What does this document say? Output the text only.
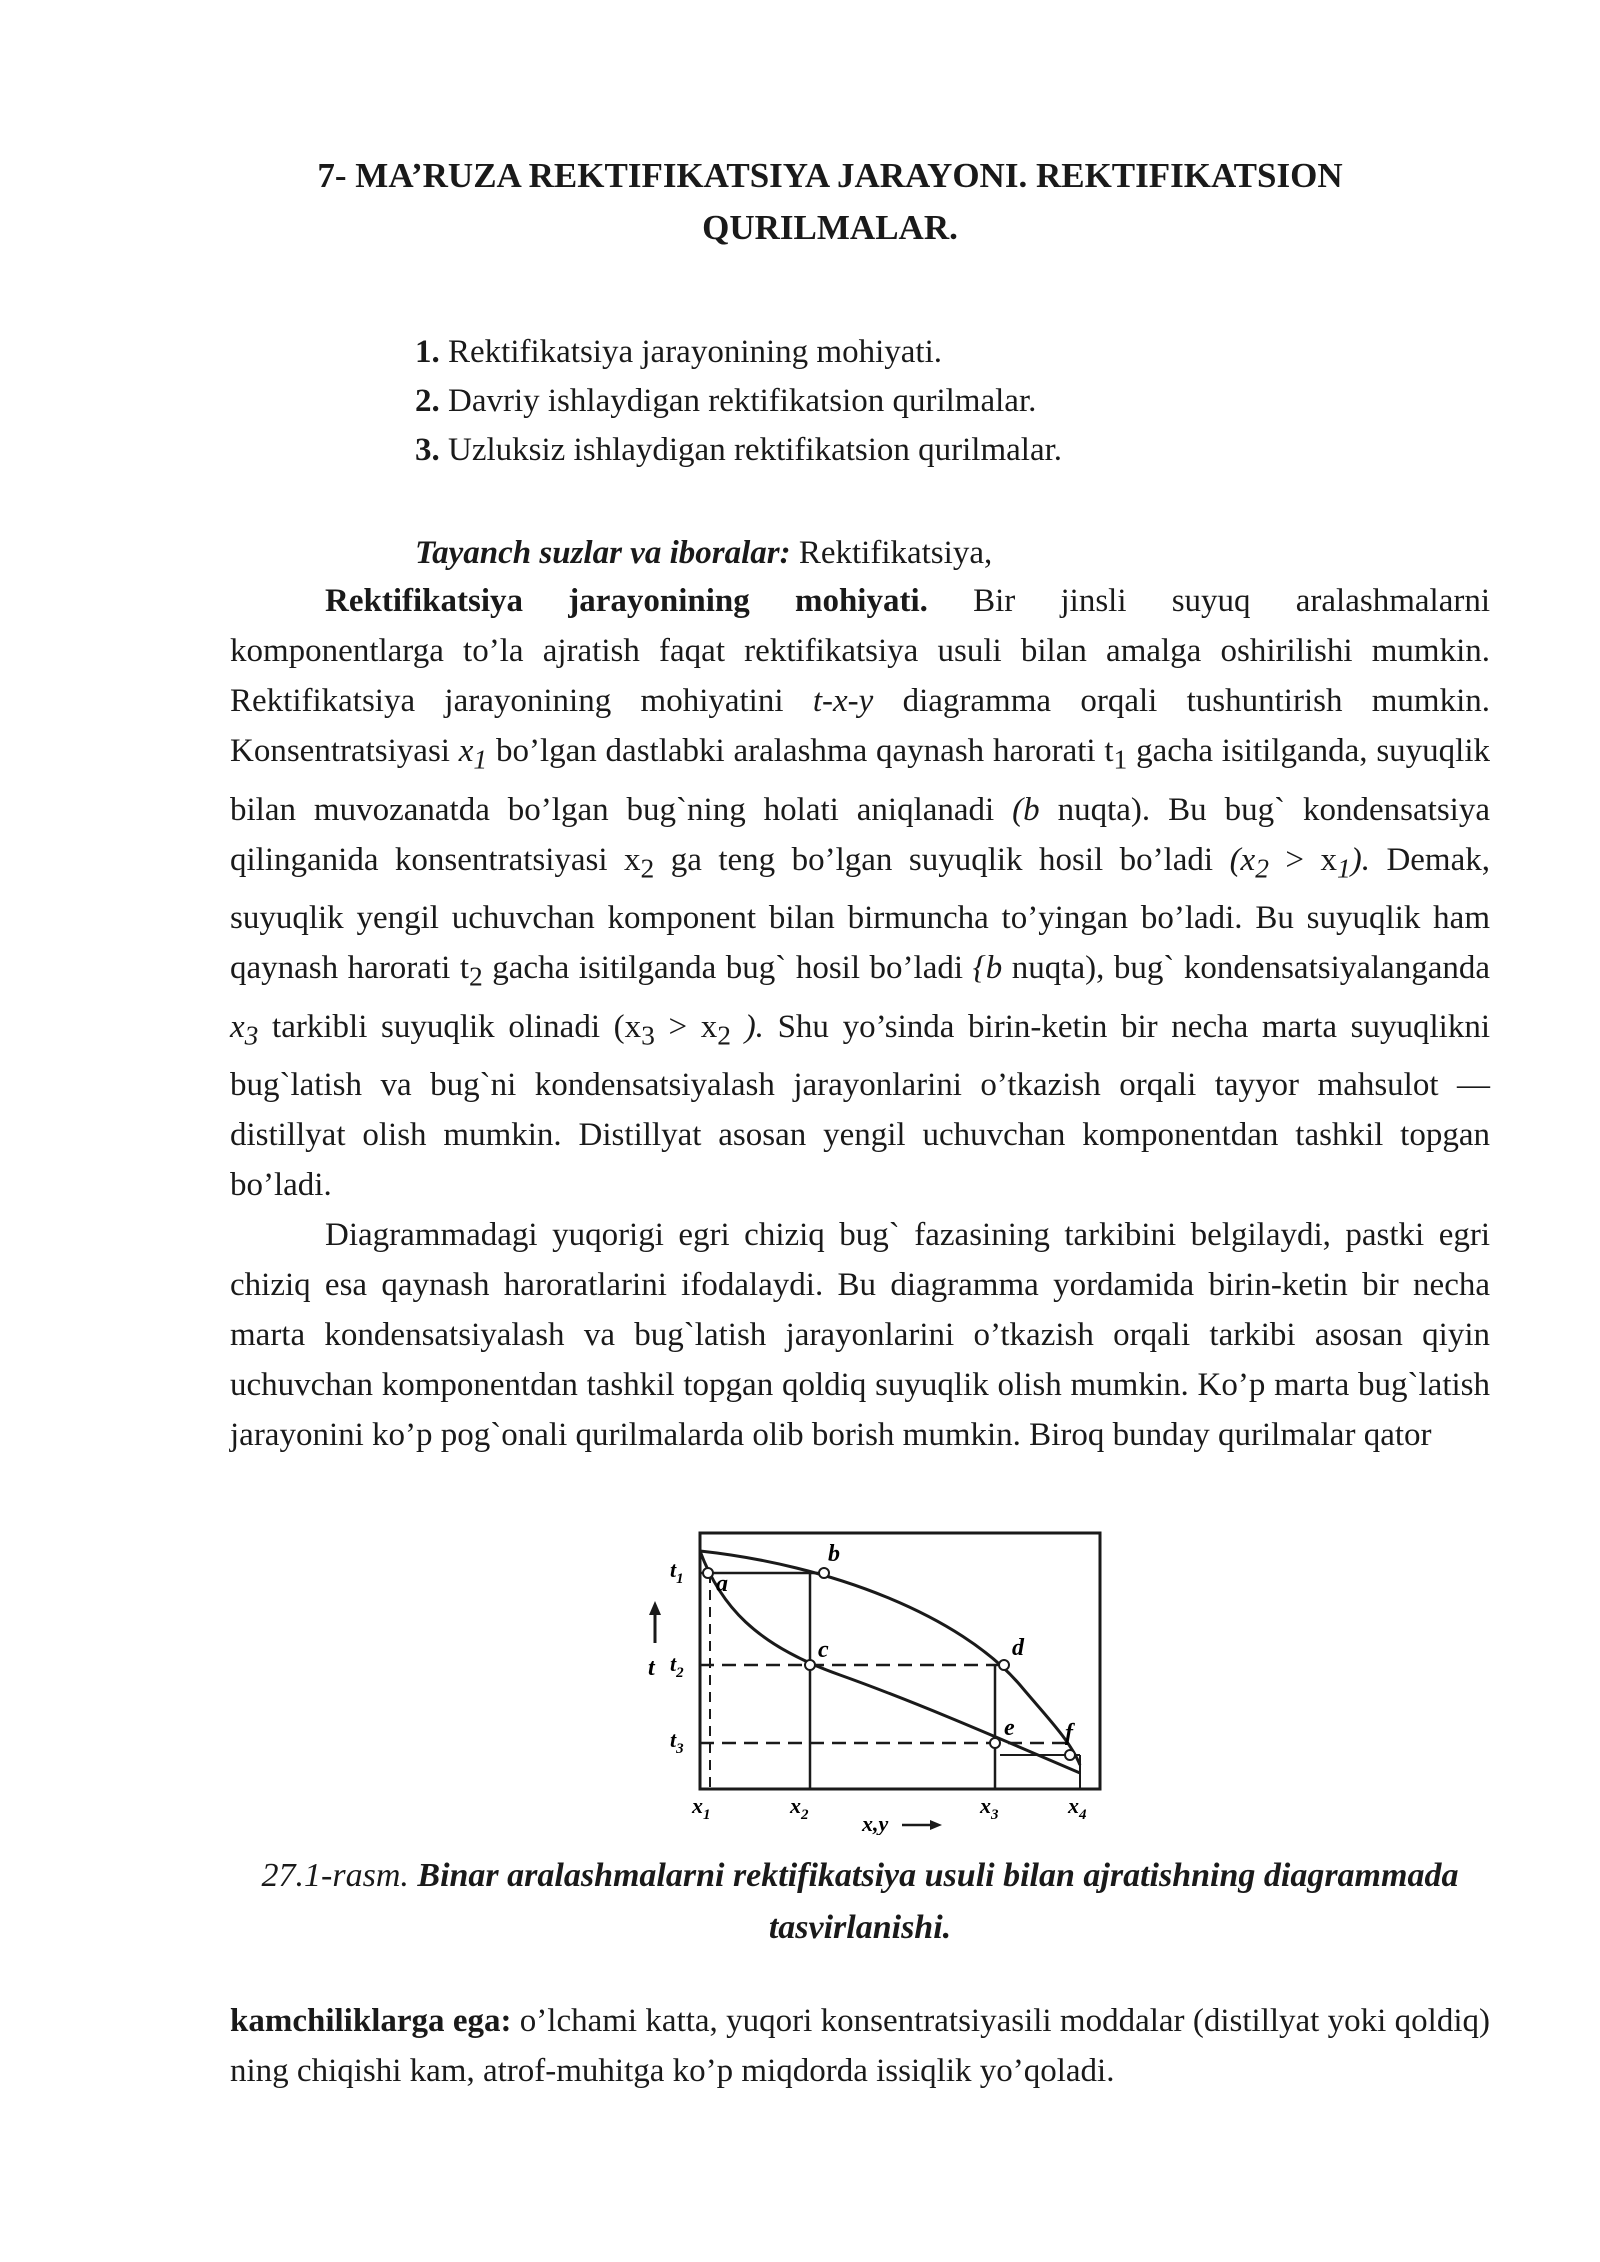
7- MA’RUZA REKTIFIKATSIYA JARAYONI. REKTIFIKATSION
QURILMALAR.
1. Rektifikatsiya jarayonining mohiyati.
2. Davriy ishlaydigan rektifikatsion qurilmalar.
3. Uzluksiz ishlaydigan rektifikatsion qurilmalar.
Tayanch suzlar va iboralar: Rektifikatsiya,

Rektifikatsiya jarayonining mohiyati. Bir jinsli suyuq aralashmalarni komponentlarga to’la ajratish faqat rektifikatsiya usuli bilan amalga oshirilishi mumkin. Rektifikatsiya jarayonining mohiyatini t-x-y diagramma orqali tushuntirish mumkin. Konsentratsiyasi $x_1$ bo’lgan dastlabki aralashma qaynash harorati $t_1$ gacha isitilganda, suyuqlik bilan muvozanatda bo’lgan bug`ning holati aniqlanadi (b nuqta). Bu bug` kondensatsiya qilinganida konsentratsiyasi $x_2$ ga teng bo’lgan suyuqlik hosil bo’ladi $(x_2 > x_1)$. Demak, suyuqlik yengil uchuvchan komponent bilan birmuncha to’yingan bo’ladi. Bu suyuqlik ham qaynash harorati $t_2$ gacha isitilganda bug` hosil bo’ladi {b nuqta), bug` kondensatsiyalanganda $x_3$ tarkibli suyuqlik olinadi ($x_3 > x_2$ ). Shu yo’sinda birin-ketin bir necha marta suyuqlikni bug`latish va bug`ni kondensatsiyalash jarayonlarini o’tkazish orqali tayyor mahsulot — distillyat olish mumkin. Distillyat asosan yengil uchuvchan komponentdan tashkil topgan bo’ladi.

Diagrammadagi yuqorigi egri chiziq bug` fazasining tarkibini belgilaydi, pastki egri chiziq esa qaynash haroratlarini ifodalaydi. Bu diagramma yordamida birin-ketin bir necha marta kondensatsiyalash va bug`latish jarayonlarini o’tkazish orqali tarkibi asosan qiyin uchuvchan komponentdan tashkil topgan qoldiq suyuqlik olish mumkin. Ko’p marta bug`latish jarayonini ko’p pog`onali qurilmalarda olib borish mumkin. Biroq bunday qurilmalar qator

a
b
c	d
e f
$t_1$
$t_2$
$t_3$
t
$x_1$	$x_2$	$x_3$	$x_4$
x,y
27.1-rasm. Binar aralashmalarni rektifikatsiya usuli bilan ajratishning diagrammada tasvirlanishi.
kamchiliklarga ega: o’lchami katta, yuqori konsentratsiyasili moddalar (distillyat yoki qoldiq) ning chiqishi kam, atrof-muhitga ko’p miqdorda issiqlik yo’qoladi.
